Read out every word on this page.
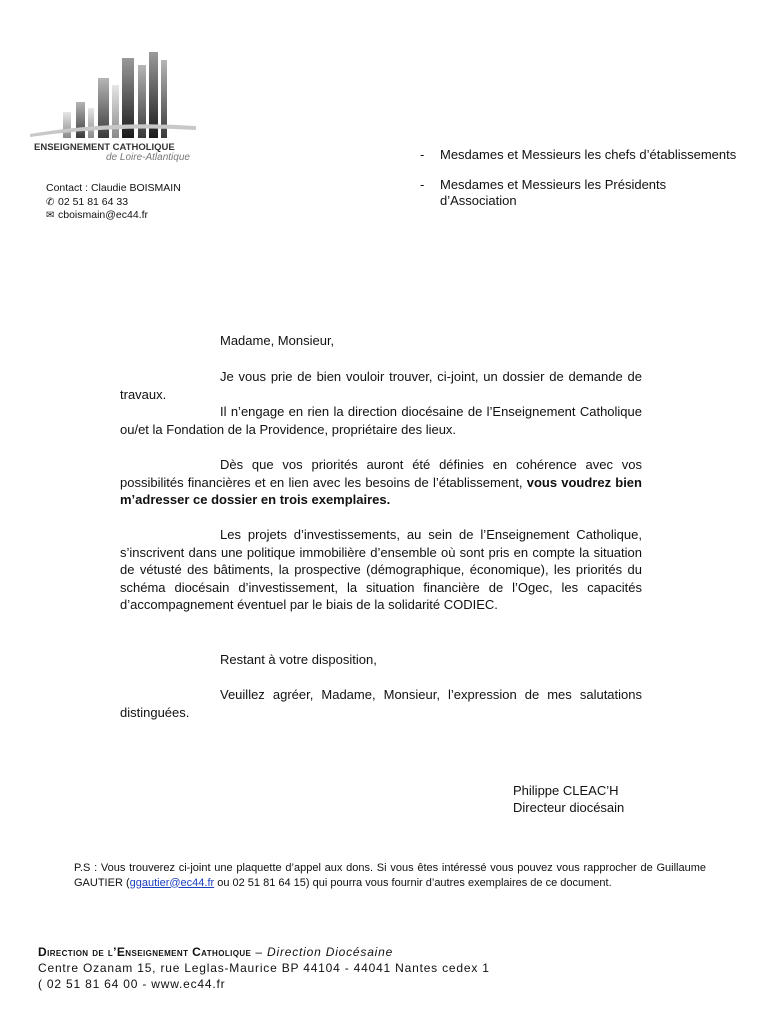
ENSEIGNEMENT CATHOLIQUE
de Loire-Atlantique
Contact : Claudie BOISMAIN
✆ 02 51 81 64 33
✉ cboismain@ec44.fr
- Mesdames et Messieurs les chefs d’établissements
- Mesdames et Messieurs les Présidents d’Association

Madame, Monsieur,

Je vous prie de bien vouloir trouver, ci-joint, un dossier de demande de travaux.

Il n’engage en rien la direction diocésaine de l’Enseignement Catholique ou/et la Fondation de la Providence, propriétaire des lieux.

Dès que vos priorités auront été définies en cohérence avec vos possibilités financières et en lien avec les besoins de l’établissement, vous voudrez bien m’adresser ce dossier en trois exemplaires.

Les projets d’investissements, au sein de l’Enseignement Catholique, s’inscrivent dans une politique immobilière d’ensemble où sont pris en compte la situation de vétusté des bâtiments, la prospective (démographique, économique), les priorités du schéma diocésain d’investissement, la situation financière de l’Ogec, les capacités d’accompagnement éventuel par le biais de la solidarité CODIEC.

Restant à votre disposition,

Veuillez agréer, Madame, Monsieur, l’expression de mes salutations distinguées.

Philippe CLEAC’H
Directeur diocésain
P.S : Vous trouverez ci-joint une plaquette d’appel aux dons. Si vous êtes intéressé vous pouvez vous rapprocher de Guillaume GAUTIER (ggautier@ec44.fr ou 02 51 81 64 15) qui pourra vous fournir d’autres exemplaires de ce document.
Direction de l’Enseignement Catholique – Direction Diocésaine
Centre Ozanam 15, rue Leglas-Maurice BP 44104 - 44041 Nantes cedex 1
( 02 51 81 64 00 - www.ec44.fr
